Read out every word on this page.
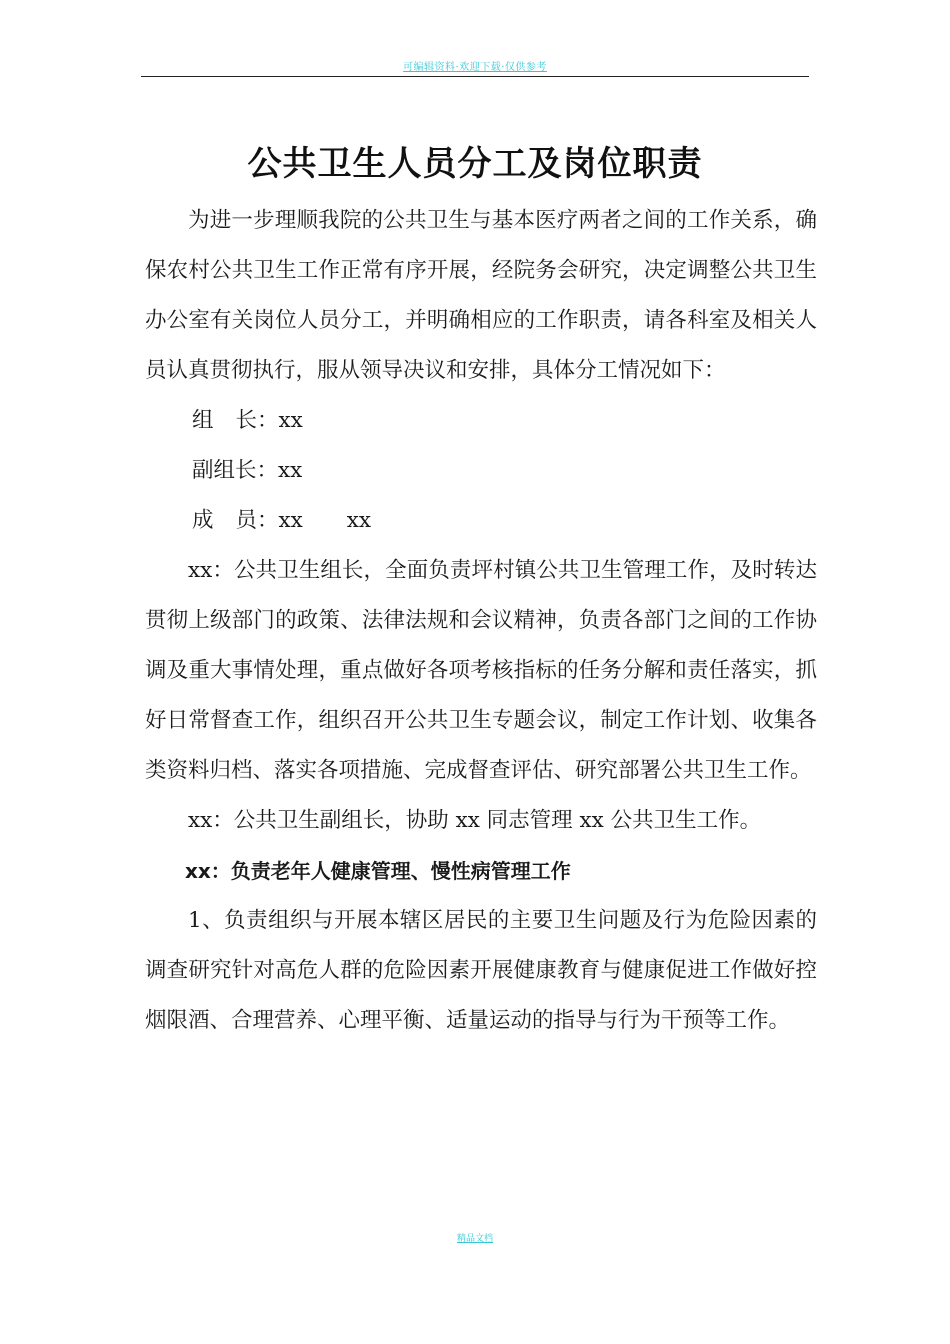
可编辑资料·欢迎下载·仅供参考
公共卫生人员分工及岗位职责

为进一步理顺我院的公共卫生与基本医疗两者之间的工作关系，确保农村公共卫生工作正常有序开展，经院务会研究，决定调整公共卫生办公室有关岗位人员分工，并明确相应的工作职责，请各科室及相关人员认真贯彻执行，服从领导决议和安排，具体分工情况如下：

组 长：xx

副组长：xx

成 员：xx xx

xx：公共卫生组长，全面负责坪村镇公共卫生管理工作，及时转达贯彻上级部门的政策、法律法规和会议精神，负责各部门之间的工作协调及重大事情处理，重点做好各项考核指标的任务分解和责任落实，抓好日常督查工作，组织召开公共卫生专题会议，制定工作计划、收集各类资料归档、落实各项措施、完成督查评估、研究部署公共卫生工作。

xx：公共卫生副组长，协助 xx 同志管理 xx 公共卫生工作。

xx：负责老年人健康管理、慢性病管理工作

1、负责组织与开展本辖区居民的主要卫生问题及行为危险因素的调查研究针对高危人群的危险因素开展健康教育与健康促进工作做好控烟限酒、合理营养、心理平衡、适量运动的指导与行为干预等工作。

精品文档
